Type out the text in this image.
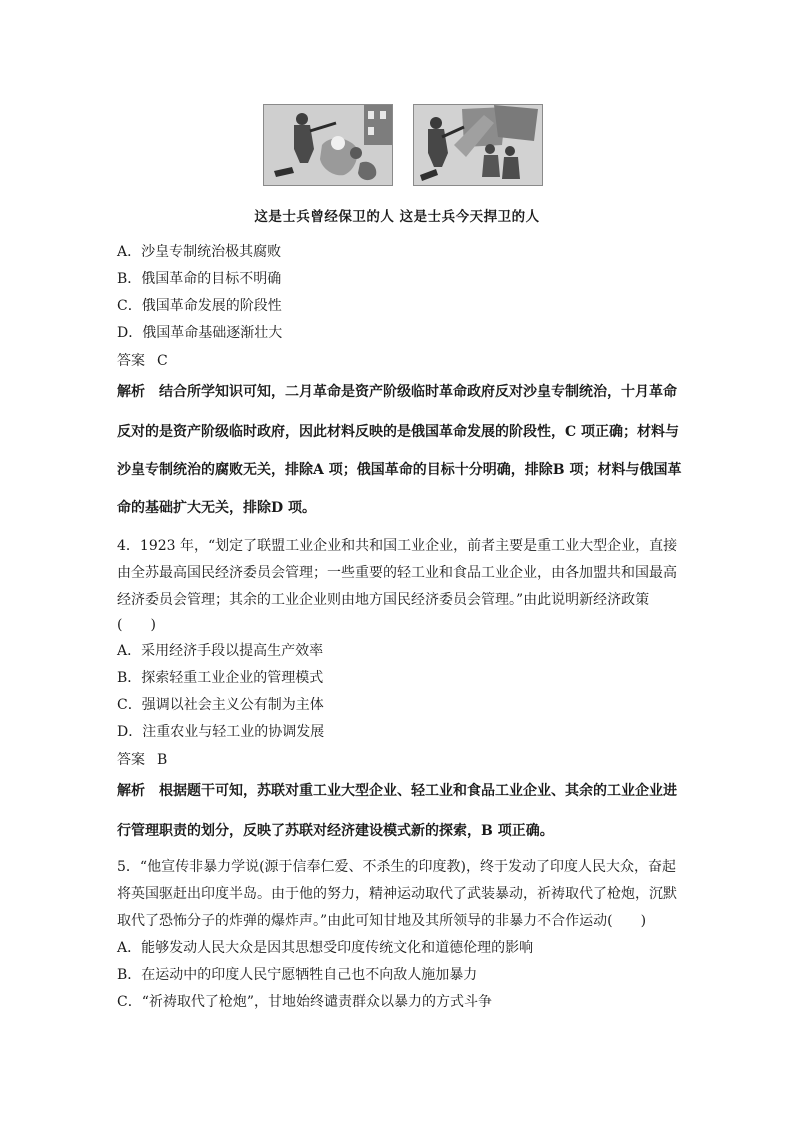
这是士兵曾经保卫的人 这是士兵今天捍卫的人
A．沙皇专制统治极其腐败
B．俄国革命的目标不明确
C．俄国革命发展的阶段性
D．俄国革命基础逐渐壮大
答案 C
解析 结合所学知识可知，二月革命是资产阶级临时革命政府反对沙皇专制统治，十月革命
反对的是资产阶级临时政府，因此材料反映的是俄国革命发展的阶段性，C 项正确；材料与
沙皇专制统治的腐败无关，排除A 项；俄国革命的目标十分明确，排除B 项；材料与俄国革
命的基础扩大无关，排除D 项。
4．1923 年，“划定了联盟工业企业和共和国工业企业，前者主要是重工业大型企业，直接
由全苏最高国民经济委员会管理；一些重要的轻工业和食品工业企业，由各加盟共和国最高
经济委员会管理；其余的工业企业则由地方国民经济委员会管理。”由此说明新经济政策
(　　)
A．采用经济手段以提高生产效率
B．探索轻重工业企业的管理模式
C．强调以社会主义公有制为主体
D．注重农业与轻工业的协调发展
答案 B
解析 根据题干可知，苏联对重工业大型企业、轻工业和食品工业企业、其余的工业企业进
行管理职责的划分，反映了苏联对经济建设模式新的探索，B 项正确。
5．“他宣传非暴力学说(源于信奉仁爱、不杀生的印度教)，终于发动了印度人民大众，奋起
将英国驱赶出印度半岛。由于他的努力，精神运动取代了武装暴动，祈祷取代了枪炮，沉默
取代了恐怖分子的炸弹的爆炸声。”由此可知甘地及其所领导的非暴力不合作运动(　　)
A．能够发动人民大众是因其思想受印度传统文化和道德伦理的影响
B．在运动中的印度人民宁愿牺牲自己也不向敌人施加暴力
C．“祈祷取代了枪炮”，甘地始终谴责群众以暴力的方式斗争
